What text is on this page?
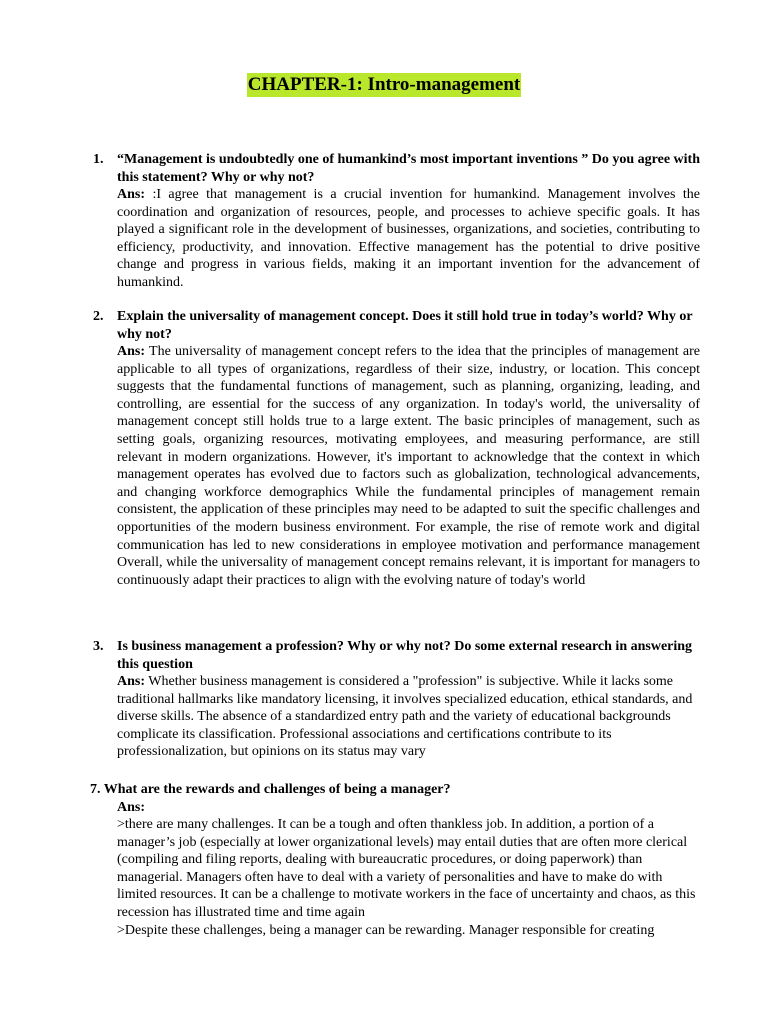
CHAPTER-1: Intro-management

1. “Management is undoubtedly one of humankind’s most important inventions ” Do you agree with this statement? Why or why not?

Ans: :I agree that management is a crucial invention for humankind. Management involves the coordination and organization of resources, people, and processes to achieve specific goals. It has played a significant role in the development of businesses, organizations, and societies, contributing to efficiency, productivity, and innovation. Effective management has the potential to drive positive change and progress in various fields, making it an important invention for the advancement of humankind.

2. Explain the universality of management concept. Does it still hold true in today’s world? Why or why not?

Ans: The universality of management concept refers to the idea that the principles of management are applicable to all types of organizations, regardless of their size, industry, or location. This concept suggests that the fundamental functions of management, such as planning, organizing, leading, and controlling, are essential for the success of any organization. In today's world, the universality of management concept still holds true to a large extent. The basic principles of management, such as setting goals, organizing resources, motivating employees, and measuring performance, are still relevant in modern organizations. However, it's important to acknowledge that the context in which management operates has evolved due to factors such as globalization, technological advancements, and changing workforce demographics While the fundamental principles of management remain consistent, the application of these principles may need to be adapted to suit the specific challenges and opportunities of the modern business environment. For example, the rise of remote work and digital communication has led to new considerations in employee motivation and performance management Overall, while the universality of management concept remains relevant, it is important for managers to continuously adapt their practices to align with the evolving nature of today's world

3. Is business management a profession? Why or why not? Do some external research in answering this question

Ans: Whether business management is considered a "profession" is subjective. While it lacks some traditional hallmarks like mandatory licensing, it involves specialized education, ethical standards, and diverse skills. The absence of a standardized entry path and the variety of educational backgrounds complicate its classification. Professional associations and certifications contribute to its professionalization, but opinions on its status may vary

7. What are the rewards and challenges of being a manager?

Ans:

>there are many challenges. It can be a tough and often thankless job. In addition, a portion of a manager’s job (especially at lower organizational levels) may entail duties that are often more clerical (compiling and filing reports, dealing with bureaucratic procedures, or doing paperwork) than managerial. Managers often have to deal with a variety of personalities and have to make do with limited resources. It can be a challenge to motivate workers in the face of uncertainty and chaos, as this recession has illustrated time and time again

>Despite these challenges, being a manager can be rewarding. Manager responsible for creating
